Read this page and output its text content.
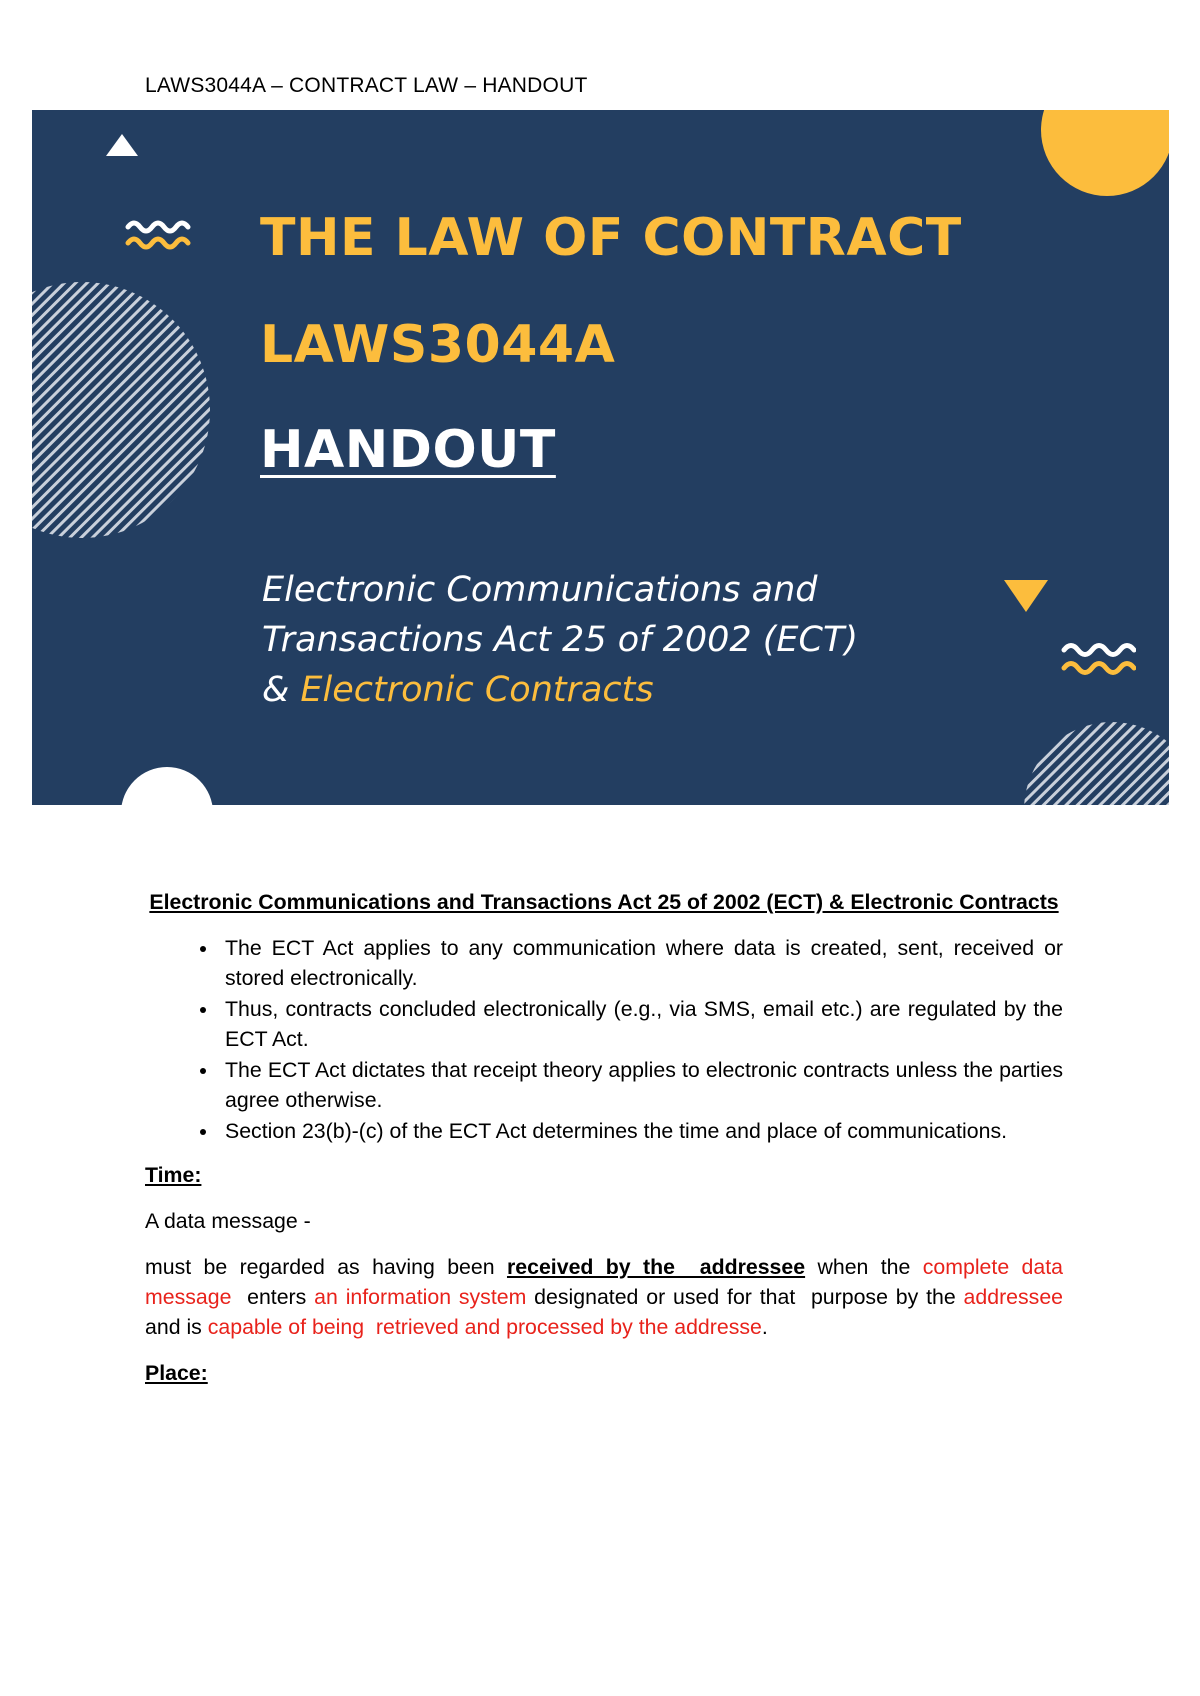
LAWS3044A – CONTRACT LAW – HANDOUT
THE LAW OF CONTRACT
LAWS3044A
HANDOUT
Electronic Communications and
Transactions Act 25 of 2002 (ECT)
& Electronic Contracts
Electronic Communications and Transactions Act 25 of 2002 (ECT) & Electronic Contracts
• The ECT Act applies to any communication where data is created, sent, received or stored electronically.
• Thus, contracts concluded electronically (e.g., via SMS, email etc.) are regulated by the ECT Act.
• The ECT Act dictates that receipt theory applies to electronic contracts unless the parties agree otherwise.
• Section 23(b)-(c) of the ECT Act determines the time and place of communications.
Time:
A data message -
must be regarded as having been received by the  addressee when the complete data  message  enters an information system designated or used for that  purpose by the addressee and is capable of being  retrieved and processed by the addresse.
Place:
